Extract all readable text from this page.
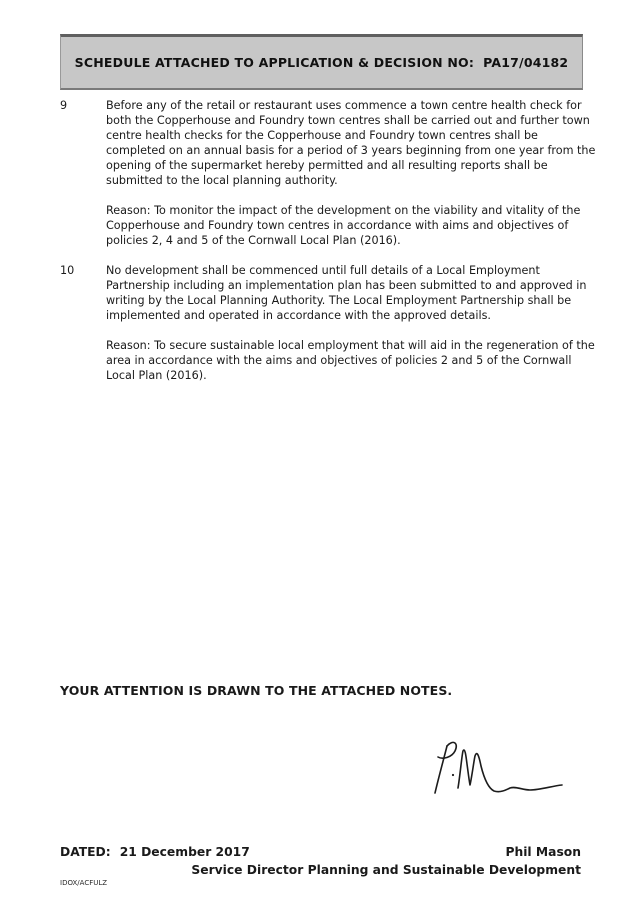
SCHEDULE ATTACHED TO APPLICATION & DECISION NO:  PA17/04182
9	Before any of the retail or restaurant uses commence a town centre health check for both the Copperhouse and Foundry town centres shall be carried out and further town centre health checks for the Copperhouse and Foundry town centres shall be completed on an annual basis for a period of 3 years beginning from one year from the opening of the supermarket hereby permitted and all resulting reports shall be submitted to the local planning authority.

Reason: To monitor the impact of the development on the viability and vitality of the Copperhouse and Foundry town centres in accordance with aims and objectives of policies 2, 4 and 5 of the Cornwall Local Plan (2016).

10	No development shall be commenced until full details of a Local Employment Partnership including an implementation plan has been submitted to and approved in writing by the Local Planning Authority. The Local Employment Partnership shall be implemented and operated in accordance with the approved details.

Reason: To secure sustainable local employment that will aid in the regeneration of the area in accordance with the aims and objectives of policies 2 and 5 of the Cornwall Local Plan (2016).

YOUR ATTENTION IS DRAWN TO THE ATTACHED NOTES.
DATED: 21 December 2017	Phil Mason
Service Director Planning and Sustainable Development
IDOX/ACFULZ
